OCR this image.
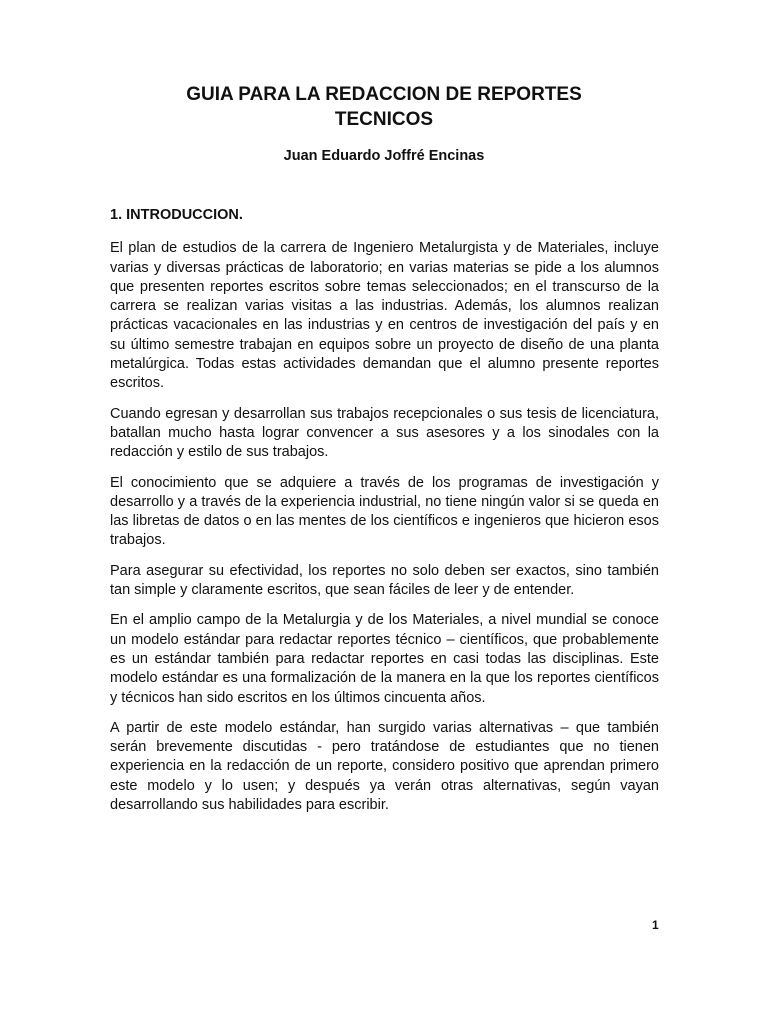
GUIA PARA LA REDACCION DE REPORTES
TECNICOS
Juan Eduardo Joffré Encinas
1. INTRODUCCION.

El plan de estudios de la carrera de Ingeniero Metalurgista y de Materiales, incluye varias y diversas prácticas de laboratorio; en varias materias se pide a los alumnos que presenten reportes escritos sobre temas seleccionados; en el transcurso de la carrera se realizan varias visitas a las industrias. Además, los alumnos realizan prácticas vacacionales en las industrias y en centros de investigación del país y en su último semestre trabajan en equipos sobre un proyecto de diseño de una planta metalúrgica. Todas estas actividades demandan que el alumno presente reportes escritos.

Cuando egresan y desarrollan sus trabajos recepcionales o sus tesis de licenciatura, batallan mucho hasta lograr convencer a sus asesores y a los sinodales con la redacción y estilo de sus trabajos.

El conocimiento que se adquiere a través de los programas de investigación y desarrollo y a través de la experiencia industrial, no tiene ningún valor si se queda en las libretas de datos o en las mentes de los científicos e ingenieros que hicieron esos trabajos.

Para asegurar su efectividad, los reportes no solo deben ser exactos, sino también tan simple y claramente escritos, que sean fáciles de leer y de entender.

En el amplio campo de la Metalurgia y de los Materiales, a nivel mundial se conoce un modelo estándar para redactar reportes técnico – científicos, que probablemente es un estándar también para redactar reportes en casi todas las disciplinas. Este modelo estándar es una formalización de la manera en la que los reportes científicos y técnicos han sido escritos en los últimos cincuenta años.

A partir de este modelo estándar, han surgido varias alternativas – que también serán brevemente discutidas - pero tratándose de estudiantes que no tienen experiencia en la redacción de un reporte, considero positivo que aprendan primero este modelo y lo usen; y después ya verán otras alternativas, según vayan desarrollando sus habilidades para escribir.

1
